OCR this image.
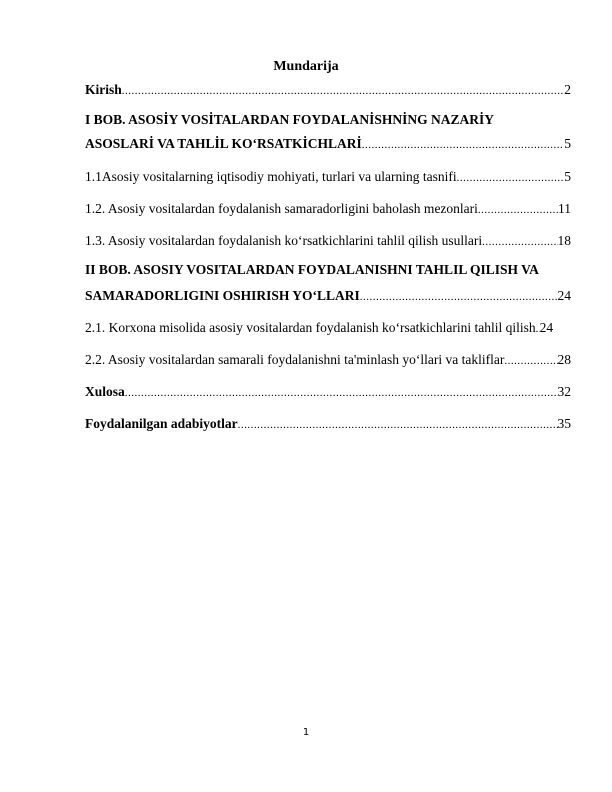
Mundarija
Kirish .....	2
I BOB. ASOSİY VOSİTALARDAN FOYDALANİSHNİNG NAZARİY
ASOSLARİ VA TAHLİL KO‘RSATKİCHLARİ .....	5
1.1Asosiy vositalarning iqtisodiy mohiyati, turlari va ularning tasnifi .....	5
1.2. Asosiy vositalardan foydalanish samaradorligini baholash mezonlari .....	11
1.3. Asosiy vositalardan foydalanish ko‘rsatkichlarini tahlil qilish usullari .....	18
II BOB. ASOSIY VOSITALARDAN FOYDALANISHNI TAHLIL QILISH VA
SAMARADORLIGINI OSHIRISH YO‘LLARI .....	24
2.1. Korxona misolida asosiy vositalardan foydalanish ko‘rsatkichlarini tahlil qilish ..... 24
2.2. Asosiy vositalardan samarali foydalanishni ta'minlash yo‘llari va takliflar .....	28
Xulosa .....	32
Foydalanilgan adabiyotlar .....	35
1
